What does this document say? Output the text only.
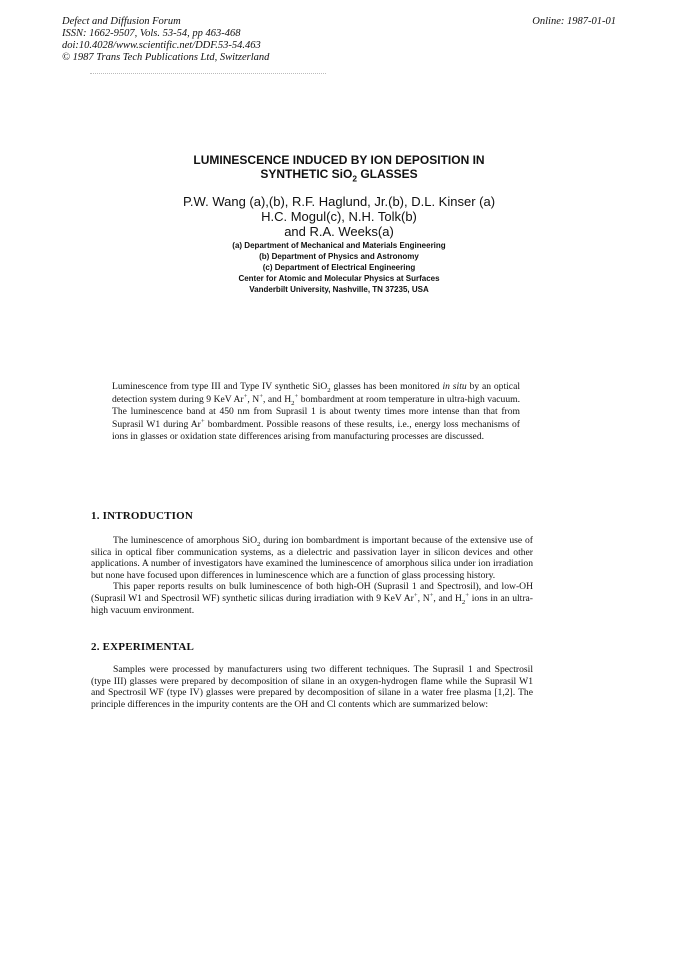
Defect and Diffusion Forum
ISSN: 1662-9507, Vols. 53-54, pp 463-468
doi:10.4028/www.scientific.net/DDF.53-54.463
© 1987 Trans Tech Publications Ltd, Switzerland
Online: 1987-01-01
LUMINESCENCE INDUCED BY ION DEPOSITION IN
SYNTHETIC SiO$_2$ GLASSES
P.W. Wang (a),(b), R.F. Haglund, Jr.(b), D.L. Kinser (a)
H.C. Mogul(c), N.H. Tolk(b)
and R.A. Weeks(a)
(a) Department of Mechanical and Materials Engineering
(b) Department of Physics and Astronomy
(c) Department of Electrical Engineering
Center for Atomic and Molecular Physics at Surfaces
Vanderbilt University, Nashville, TN 37235, USA
Luminescence from type III and Type IV synthetic SiO$_2$ glasses has been monitored in situ by an optical detection system during 9 KeV Ar+, N+, and $H_2^+$ bombardment at room temperature in ultra-high vacuum. The luminescence band at 450 nm from Suprasil 1 is about twenty times more intense than that from Suprasil W1 during Ar+ bombardment. Possible reasons of these results, i.e., energy loss mechanisms of ions in glasses or oxidation state differences arising from manufacturing processes are discussed.
1. INTRODUCTION
The luminescence of amorphous SiO$_2$ during ion bombardment is important because of the extensive use of silica in optical fiber communication systems, as a dielectric and passivation layer in silicon devices and other applications. A number of investigators have examined the luminescence of amorphous silica under ion irradiation but none have focused upon differences in luminescence which are a function of glass processing history.
This paper reports results on bulk luminescence of both high-OH (Suprasil 1 and Spectrosil), and low-OH (Suprasil W1 and Spectrosil WF) synthetic silicas during irradiation with 9 KeV Ar+, N+, and $H_2^+$ ions in an ultra-high vacuum environment.
2. EXPERIMENTAL
Samples were processed by manufacturers using two different techniques. The Suprasil 1 and Spectrosil (type III) glasses were prepared by decomposition of silane in an oxygen-hydrogen flame while the Suprasil W1 and Spectrosil WF (type IV) glasses were prepared by decomposition of silane in a water free plasma [1,2]. The principle differences in the impurity contents are the OH and Cl contents which are summarized below:
